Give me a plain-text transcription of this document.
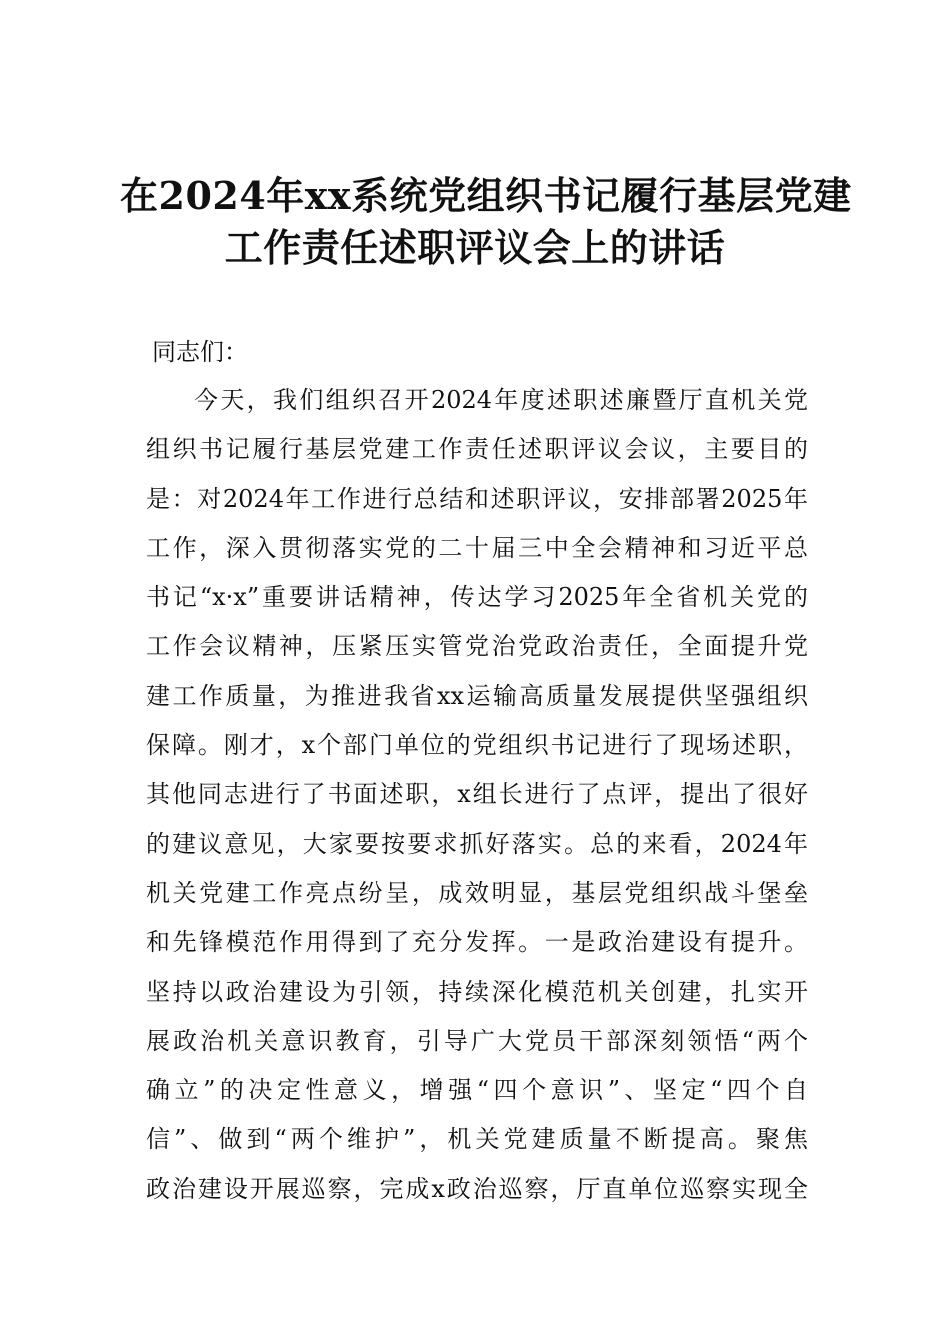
在2024年xx系统党组织书记履行基层党建
工作责任述职评议会上的讲话
同志们：
今天，我们组织召开2024年度述职述廉暨厅直机关党
组织书记履行基层党建工作责任述职评议会议，主要目的
是：对2024年工作进行总结和述职评议，安排部署2025年
工作，深入贯彻落实党的二十届三中全会精神和习近平总
书记“x·x”重要讲话精神，传达学习2025年全省机关党的
工作会议精神，压紧压实管党治党政治责任，全面提升党
建工作质量，为推进我省xx运输高质量发展提供坚强组织
保障。刚才，x个部门单位的党组织书记进行了现场述职，
其他同志进行了书面述职，x组长进行了点评，提出了很好
的建议意见，大家要按要求抓好落实。总的来看，2024年
机关党建工作亮点纷呈，成效明显，基层党组织战斗堡垒
和先锋模范作用得到了充分发挥。一是政治建设有提升。
坚持以政治建设为引领，持续深化模范机关创建，扎实开
展政治机关意识教育，引导广大党员干部深刻领悟“两个
确立”的决定性意义，增强“四个意识”、坚定“四个自
信”、做到“两个维护”，机关党建质量不断提高。聚焦
政治建设开展巡察，完成x政治巡察，厅直单位巡察实现全
